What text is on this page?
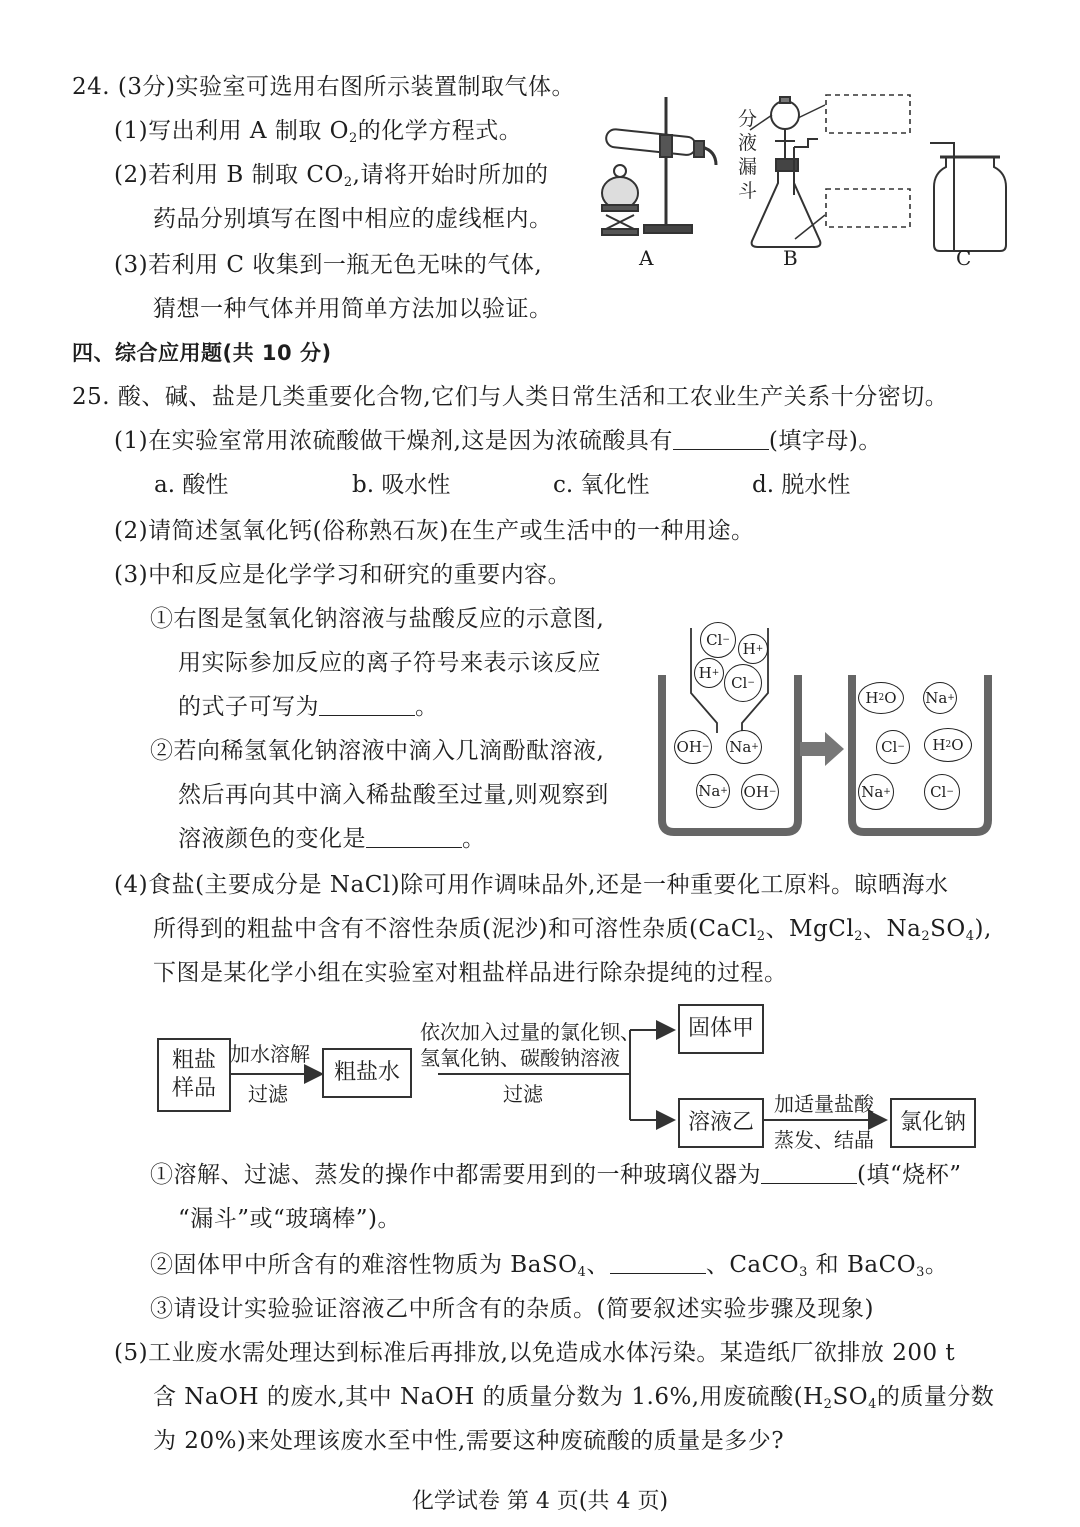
24. (3分)实验室可选用右图所示装置制取气体。
(1)写出利用 A 制取 $O_2$的化学方程式。
(2)若利用 B 制取 $CO_2$,请将开始时所加的
药品分别填写在图中相应的虚线框内。
(3)若利用 C 收集到一瓶无色无味的气体,
猜想一种气体并用简单方法加以验证。
分
液
漏
斗
A	B	C
四、综合应用题(共 10 分)
25. 酸、碱、盐是几类重要化合物,它们与人类日常生活和工农业生产关系十分密切。
(1)在实验室常用浓硫酸做干燥剂,这是因为浓硫酸具有	(填字母)。
a. 酸性	b. 吸水性	c. 氧化性	d. 脱水性
(2)请简述氢氧化钙(俗称熟石灰)在生产或生活中的一种用途。
(3)中和反应是化学学习和研究的重要内容。
①右图是氢氧化钠溶液与盐酸反应的示意图,
用实际参加反应的离子符号来表示该反应
的式子可写为	。
②若向稀氢氧化钠溶液中滴入几滴酚酞溶液,
然后再向其中滴入稀盐酸至过量,则观察到
溶液颜色的变化是	。
Cl − H +
H +
Cl −
OH − Na +
Na + OH −
H 2 O	Na +
Cl −	H 2 O
Na +	Cl −
(4)食盐(主要成分是 NaCl)除可用作调味品外,还是一种重要化工原料。晾晒海水
所得到的粗盐中含有不溶性杂质(泥沙)和可溶性杂质(CaCl$_2$、MgCl$_2$、$Na_2SO_4$),
下图是某化学小组在实验室对粗盐样品进行除杂提纯的过程。
粗盐样品
加水溶解
过滤
粗盐水
依次加入过量的氯化钡、
氢氧化钠、碳酸钠溶液
过滤
固体甲
溶液乙
加适量盐酸
蒸发、结晶
氯化钠
①溶解、过滤、蒸发的操作中都需要用到的一种玻璃仪器为	(填“烧杯”
“漏斗”或“玻璃棒”)。
②固体甲中所含有的难溶性物质为 BaSO$_4$、	、CaCO$_3$ 和 BaCO$_3$。
③请设计实验验证溶液乙中所含有的杂质。(简要叙述实验步骤及现象)
(5)工业废水需处理达到标准后再排放,以免造成水体污染。某造纸厂欲排放 200 t
含 NaOH 的废水,其中 NaOH 的质量分数为 1.6%,用废硫酸($H_2SO_4$的质量分数
为 20%)来处理该废水至中性,需要这种废硫酸的质量是多少?
化学试卷 第 4 页(共 4 页)
